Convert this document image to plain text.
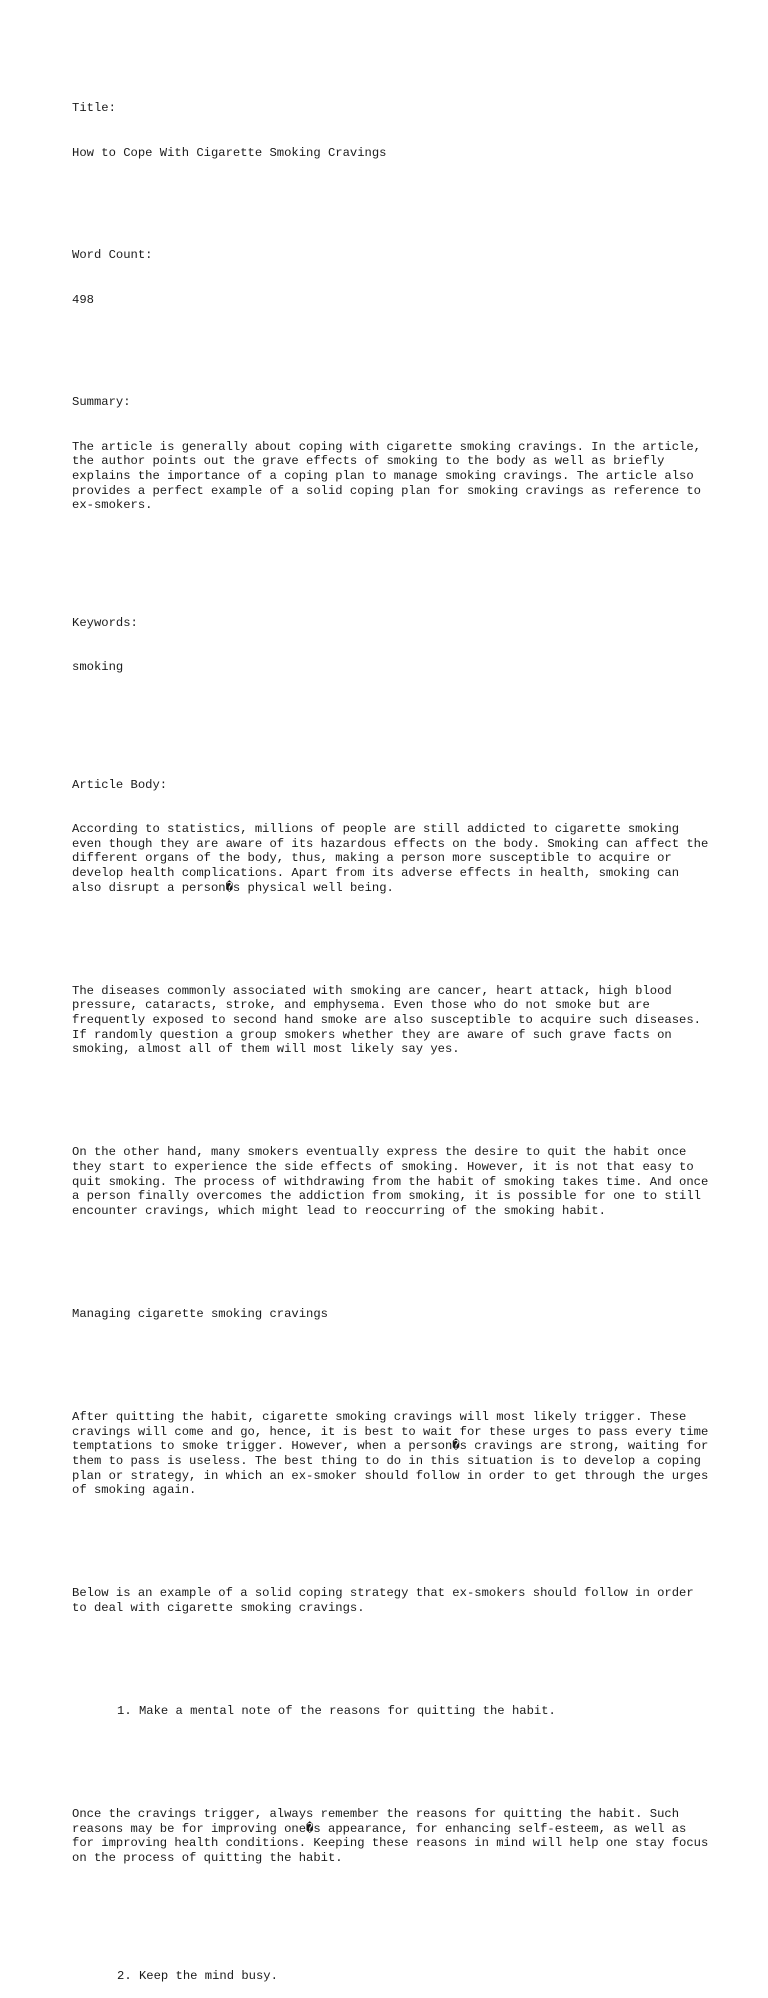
Title:

How to Cope With Cigarette Smoking Cravings

Word Count:

498

Summary:

The article is generally about coping with cigarette smoking cravings. In the article, the author points out the grave effects of smoking to the body as well as briefly explains the importance of a coping plan to manage smoking cravings. The article also provides a perfect example of a solid coping plan for smoking cravings as reference to ex-smokers.

Keywords:

smoking

Article Body:

According to statistics, millions of people are still addicted to cigarette smoking even though they are aware of its hazardous effects on the body. Smoking can affect the different organs of the body, thus, making a person more susceptible to acquire or develop health complications. Apart from its adverse effects in health, smoking can also disrupt a person�s physical well being.

The diseases commonly associated with smoking are cancer, heart attack, high blood pressure, cataracts, stroke, and emphysema. Even those who do not smoke but are frequently exposed to second hand smoke are also susceptible to acquire such diseases. If randomly question a group smokers whether they are aware of such grave facts on smoking, almost all of them will most likely say yes.

On the other hand, many smokers eventually express the desire to quit the habit once they start to experience the side effects of smoking. However, it is not that easy to quit smoking. The process of withdrawing from the habit of smoking takes time. And once a person finally overcomes the addiction from smoking, it is possible for one to still encounter cravings, which might lead to reoccurring of the smoking habit.

Managing cigarette smoking cravings

After quitting the habit, cigarette smoking cravings will most likely trigger. These cravings will come and go, hence, it is best to wait for these urges to pass every time temptations to smoke trigger. However, when a person�s cravings are strong, waiting for them to pass is useless. The best thing to do in this situation is to develop a coping plan or strategy, in which an ex-smoker should follow in order to get through the urges of smoking again.

Below is an example of a solid coping strategy that ex-smokers should follow in order to deal with cigarette smoking cravings.

1. Make a mental note of the reasons for quitting the habit.

Once the cravings trigger, always remember the reasons for quitting the habit. Such reasons may be for improving one�s appearance, for enhancing self-esteem, as well as for improving health conditions. Keeping these reasons in mind will help one stay focus on the process of quitting the habit.

2. Keep the mind busy.
